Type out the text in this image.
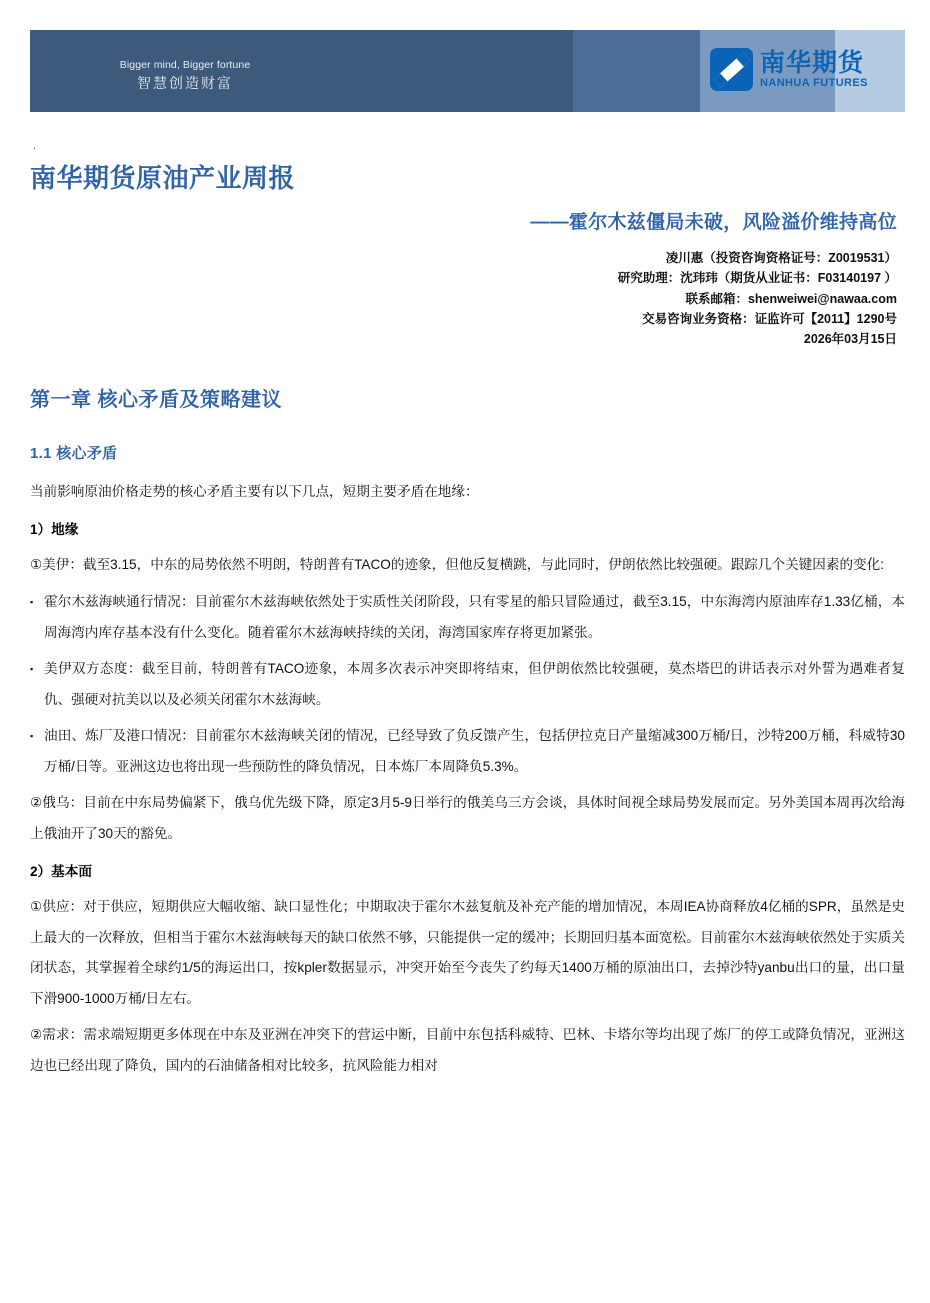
Bigger mind, Bigger fortune
智慧创造财富
南华期货
NANHUA FUTURES
.
南华期货原油产业周报
——霍尔木兹僵局未破，风险溢价维持高位
凌川惠（投资咨询资格证号：Z0019531）
研究助理：沈玮玮（期货从业证书：F03140197 ）
联系邮箱：shenweiwei@nawaa.com
交易咨询业务资格：证监许可【2011】1290号
2026年03月15日
第一章 核心矛盾及策略建议
1.1 核心矛盾

当前影响原油价格走势的核心矛盾主要有以下几点，短期主要矛盾在地缘：

1）地缘

①美伊：截至3.15，中东的局势依然不明朗，特朗普有TACO的迹象，但他反复横跳，与此同时，伊朗依然比较强硬。跟踪几个关键因素的变化:

▪ 霍尔木兹海峡通行情况：目前霍尔木兹海峡依然处于实质性关闭阶段，只有零星的船只冒险通过，截至3.15，中东海湾内原油库存1.33亿桶，本周海湾内库存基本没有什么变化。随着霍尔木兹海峡持续的关闭，海湾国家库存将更加紧张。

▪ 美伊双方态度：截至目前，特朗普有TACO迹象，本周多次表示冲突即将结束，但伊朗依然比较强硬，莫杰塔巴的讲话表示对外誓为遇难者复仇、强硬对抗美以以及必须关闭霍尔木兹海峡。

▪ 油田、炼厂及港口情况：目前霍尔木兹海峡关闭的情况，已经导致了负反馈产生，包括伊拉克日产量缩减300万桶/日，沙特200万桶，科威特30万桶/日等。亚洲这边也将出现一些预防性的降负情况，日本炼厂本周降负5.3%。

②俄乌：目前在中东局势偏紧下，俄乌优先级下降，原定3月5-9日举行的俄美乌三方会谈，具体时间视全球局势发展而定。另外美国本周再次给海上俄油开了30天的豁免。

2）基本面

①供应：对于供应，短期供应大幅收缩、缺口显性化；中期取决于霍尔木兹复航及补充产能的增加情况，本周IEA协商释放4亿桶的SPR，虽然是史上最大的一次释放，但相当于霍尔木兹海峡每天的缺口依然不够，只能提供一定的缓冲；长期回归基本面宽松。目前霍尔木兹海峡依然处于实质关闭状态，其掌握着全球约1/5的海运出口，按kpler数据显示，冲突开始至今丧失了约每天1400万桶的原油出口，去掉沙特yanbu出口的量，出口量下滑900-1000万桶/日左右。

②需求：需求端短期更多体现在中东及亚洲在冲突下的营运中断，目前中东包括科威特、巴林、卡塔尔等均出现了炼厂的停工或降负情况，亚洲这边也已经出现了降负，国内的石油储备相对比较多，抗风险能力相对
